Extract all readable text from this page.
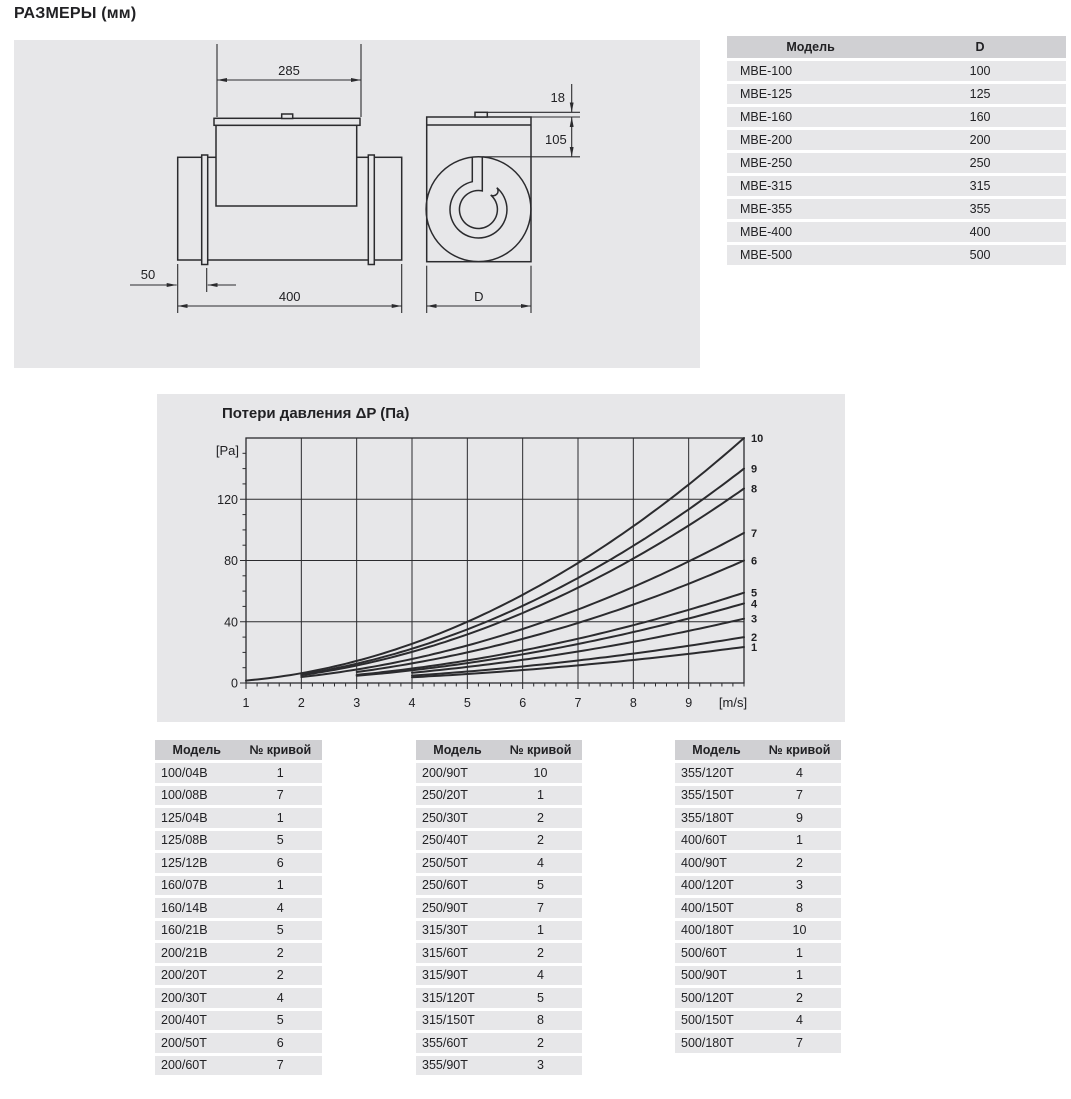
РАЗМЕРЫ (мм)
285
50
400
18
105
D
Модель	D
МВЕ-100	100
МВЕ-125	125
МВЕ-160	160
МВЕ-200	200
МВЕ-250	250
МВЕ-315	315
МВЕ-355	355
МВЕ-400	400
МВЕ-500	500
Потери давления ΔP (Па)
1	2	3	4	5	6	7	8	9 [m/s]
0
40
80
120
[Pa]
1
2
3
4
5
6
7
8
9
10
Модель	№ кривой
100/04В	1
100/08В	7
125/04В	1
125/08В	5
125/12В	6
160/07В	1
160/14В	4
160/21В	5
200/21В	2
200/20Т	2
200/30Т	4
200/40Т	5
200/50Т	6
200/60Т	7
Модель	№ кривой
200/90Т	10
250/20Т	1
250/30Т	2
250/40Т	2
250/50Т	4
250/60Т	5
250/90Т	7
315/30Т	1
315/60Т	2
315/90Т	4
315/120Т	5
315/150Т	8
355/60Т	2
355/90Т	3
Модель	№ кривой
355/120Т	4
355/150Т	7
355/180Т	9
400/60Т	1
400/90Т	2
400/120Т	3
400/150Т	8
400/180Т	10
500/60Т	1
500/90Т	1
500/120Т	2
500/150Т	4
500/180Т	7
